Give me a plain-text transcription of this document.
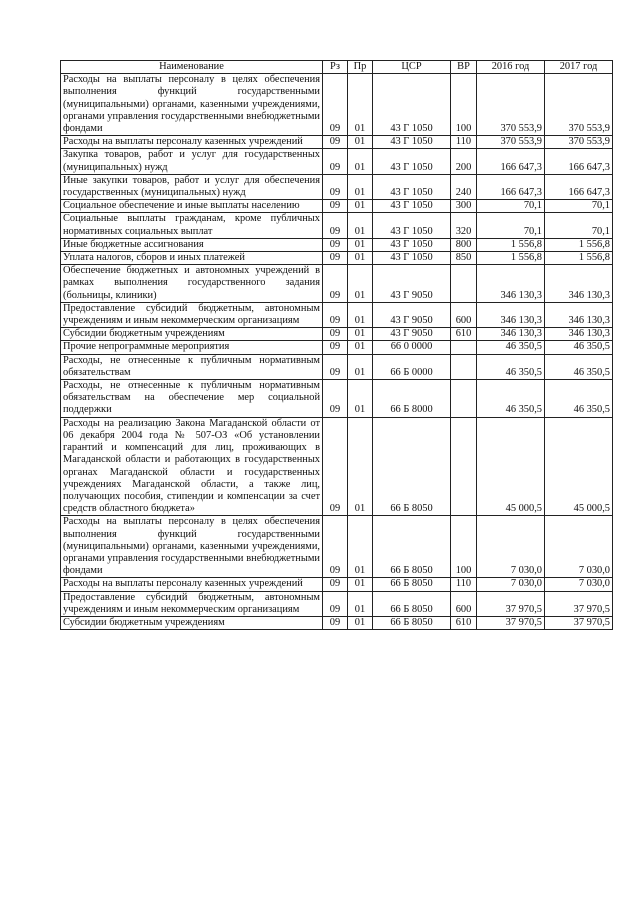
Наименование	Рз	Пр	ЦСР	ВР	2016 год	2017 год
Расходы на выплаты персоналу в целях обеспечения выполнения функций государственными (муниципальными) органами, казенными учреждениями, органами управления государственными внебюджетными фондами	09	01	43 Г 1050	100	370 553,9	370 553,9
Расходы на выплаты персоналу казенных учреждений	09	01	43 Г 1050	110	370 553,9	370 553,9
Закупка товаров, работ и услуг для государственных (муниципальных) нужд	09	01	43 Г 1050	200	166 647,3	166 647,3
Иные закупки товаров, работ и услуг для обеспечения государственных (муниципальных) нужд	09	01	43 Г 1050	240	166 647,3	166 647,3
Социальное обеспечение и иные выплаты населению	09	01	43 Г 1050	300	70,1	70,1
Социальные выплаты гражданам, кроме публичных нормативных социальных выплат	09	01	43 Г 1050	320	70,1	70,1
Иные бюджетные ассигнования	09	01	43 Г 1050	800	1 556,8	1 556,8
Уплата налогов, сборов и иных платежей	09	01	43 Г 1050	850	1 556,8	1 556,8
Обеспечение бюджетных и автономных учреждений в рамках выполнения государственного задания (больницы, клиники)	09	01	43 Г 9050		346 130,3	346 130,3
Предоставление субсидий бюджетным, автономным учреждениям и иным некоммерческим организациям	09	01	43 Г 9050	600	346 130,3	346 130,3
Субсидии бюджетным учреждениям	09	01	43 Г 9050	610	346 130,3	346 130,3
Прочие непрограммные мероприятия	09	01	66 0 0000		46 350,5	46 350,5
Расходы, не отнесенные к публичным нормативным обязательствам	09	01	66 Б 0000		46 350,5	46 350,5
Расходы, не отнесенные к публичным нормативным обязательствам на обеспечение мер социальной поддержки	09	01	66 Б 8000		46 350,5	46 350,5
Расходы на реализацию Закона Магаданской области от 06 декабря 2004 года № 507-ОЗ «Об установлении гарантий и компенсаций для лиц, проживающих в Магаданской области и работающих в государственных органах Магаданской области и государственных учреждениях Магаданской области, а также лиц, получающих пособия, стипендии и компенсации за счет средств областного бюджета»	09	01	66 Б 8050		45 000,5	45 000,5
Расходы на выплаты персоналу в целях обеспечения выполнения функций государственными (муниципальными) органами, казенными учреждениями, органами управления государственными внебюджетными фондами	09	01	66 Б 8050	100	7 030,0	7 030,0
Расходы на выплаты персоналу казенных учреждений	09	01	66 Б 8050	110	7 030,0	7 030,0
Предоставление субсидий бюджетным, автономным учреждениям и иным некоммерческим организациям	09	01	66 Б 8050	600	37 970,5	37 970,5
Субсидии бюджетным учреждениям	09	01	66 Б 8050	610	37 970,5	37 970,5
